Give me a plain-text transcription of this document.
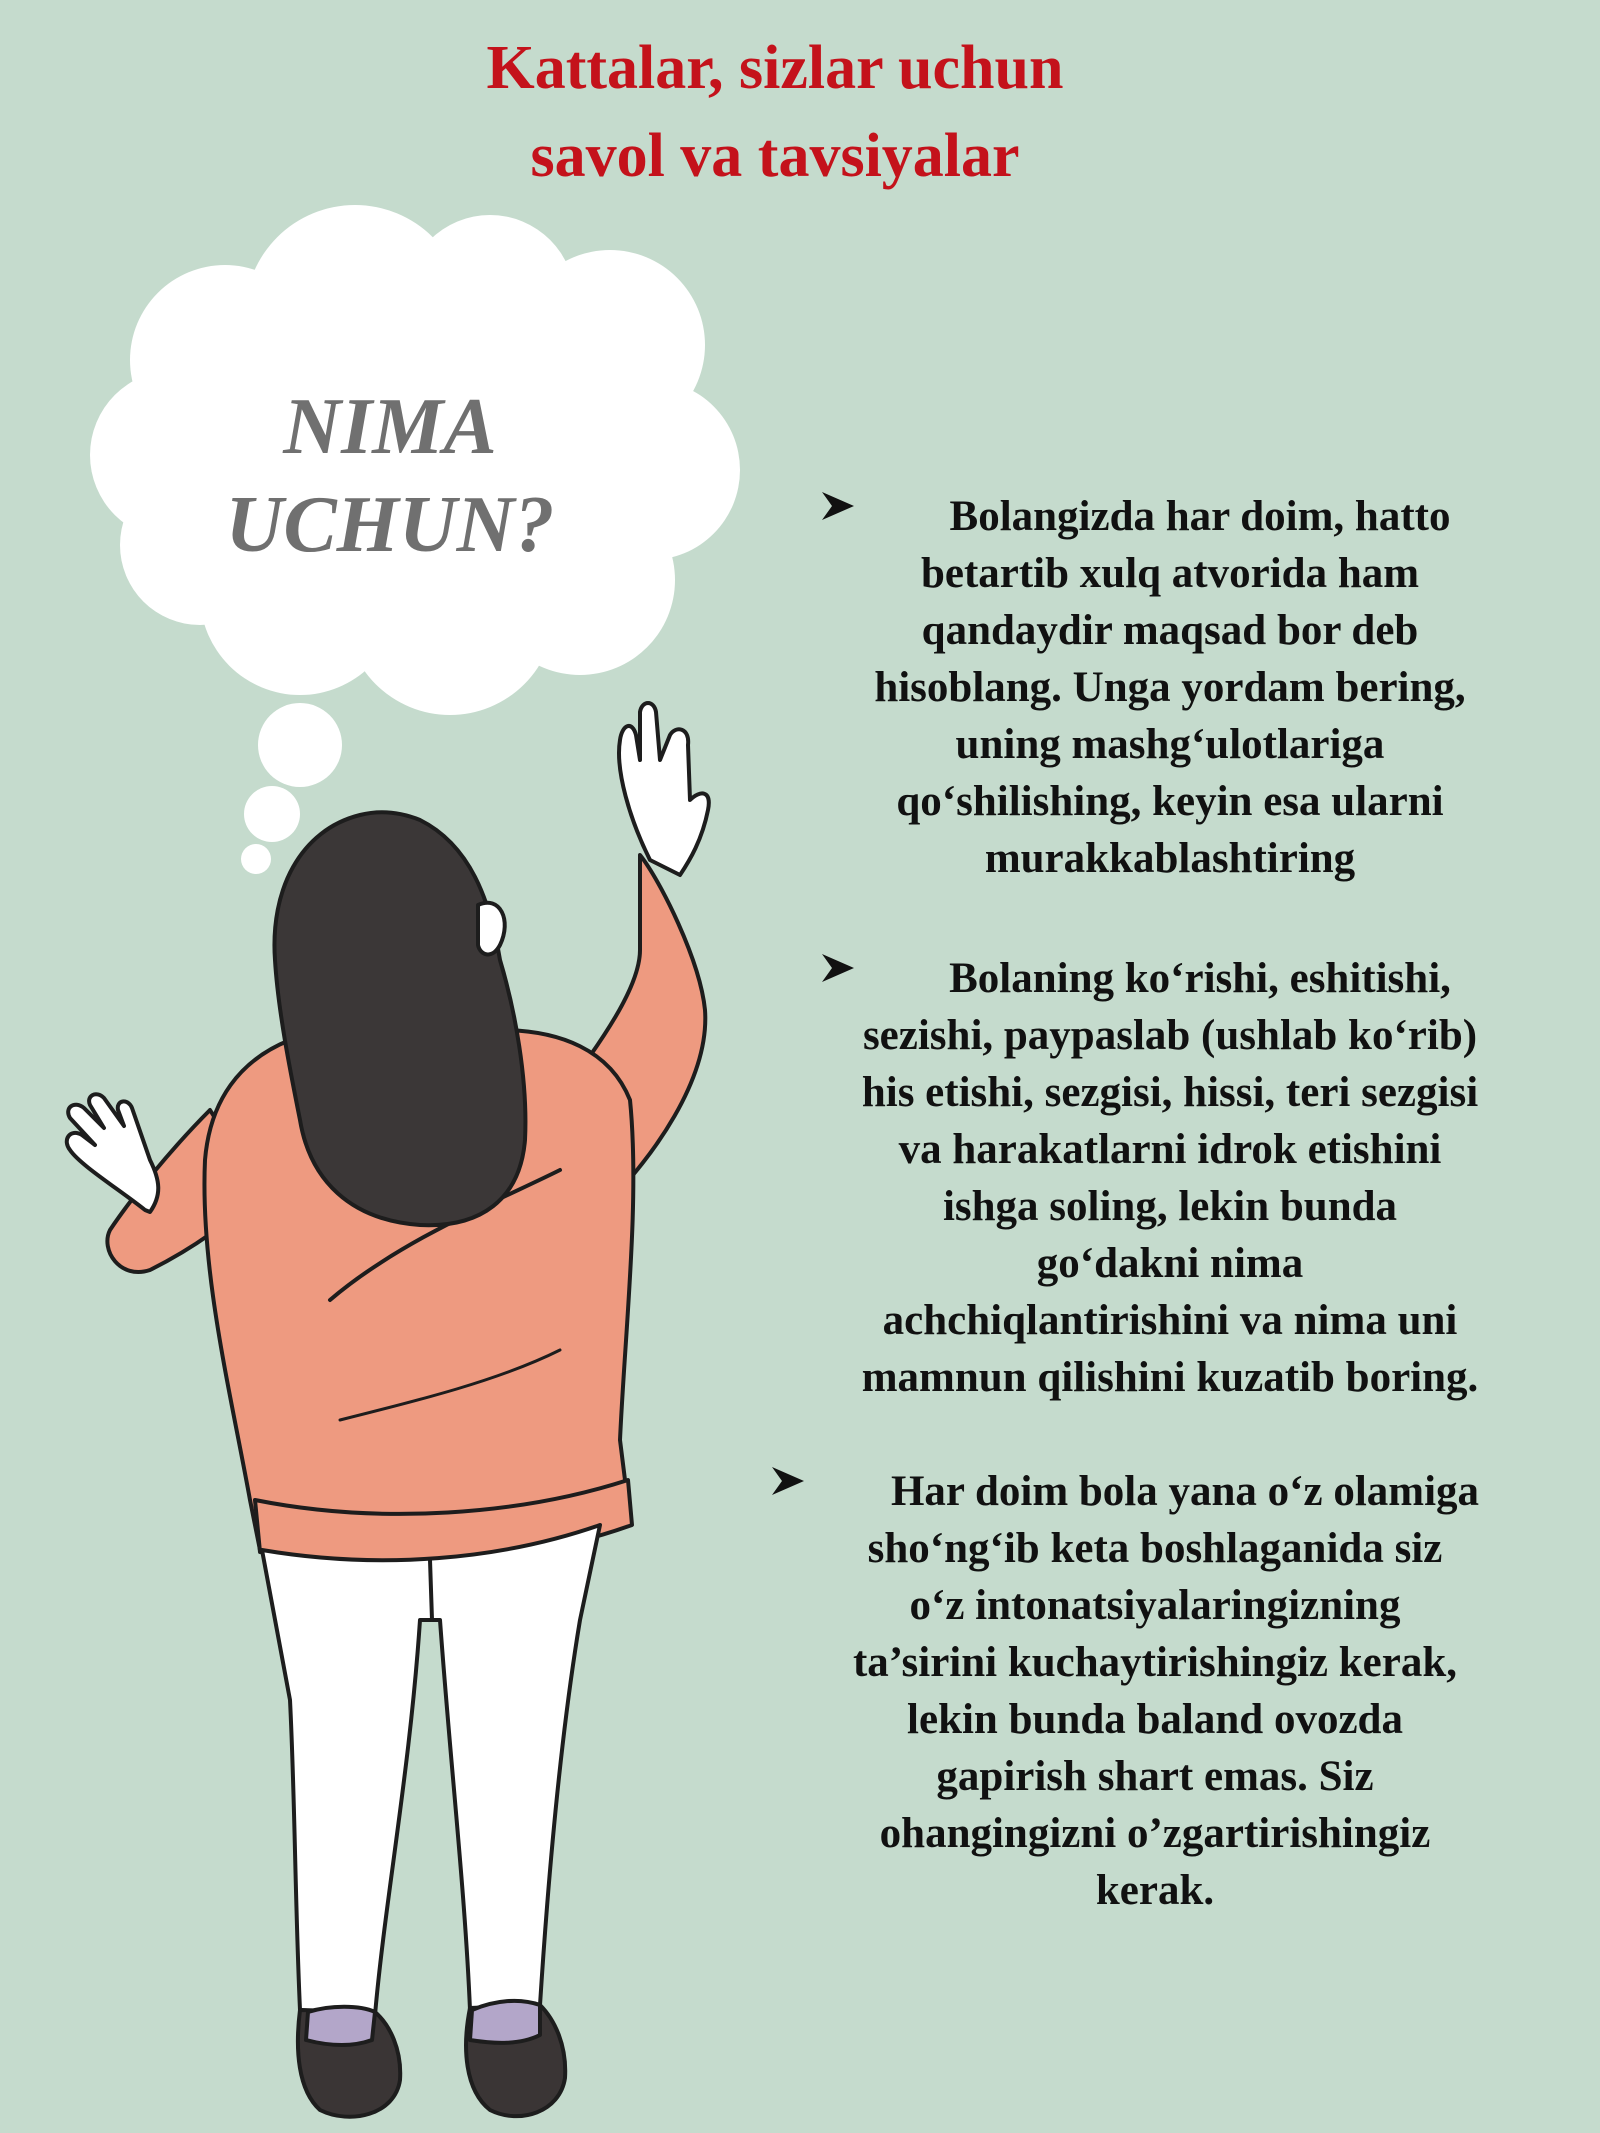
Kattalar, sizlar uchun
savol va tavsiyalar
NIMA
UCHUN?	Bolangizda har doim, hatto
betartib xulq atvorida ham
qandaydir maqsad bor deb
hisoblang. Unga yordam bering,
uning mashg‘ulotlariga
qo‘shilishing, keyin esa ularni
murakkablashtiring
Bolaning ko‘rishi, eshitishi,
sezishi, paypaslab (ushlab ko‘rib)
his etishi, sezgisi, hissi, teri sezgisi
va harakatlarni idrok etishini
ishga soling, lekin bunda
go‘dakni nima
achchiqlantirishini va nima uni
mamnun qilishini kuzatib boring.
Har doim bola yana o‘z olamiga
sho‘ng‘ib keta boshlaganida siz
o‘z intonatsiyalaringizning
ta’sirini kuchaytirishingiz kerak,
lekin bunda baland ovozda
gapirish shart emas. Siz
ohangingizni o’zgartirishingiz
kerak.
